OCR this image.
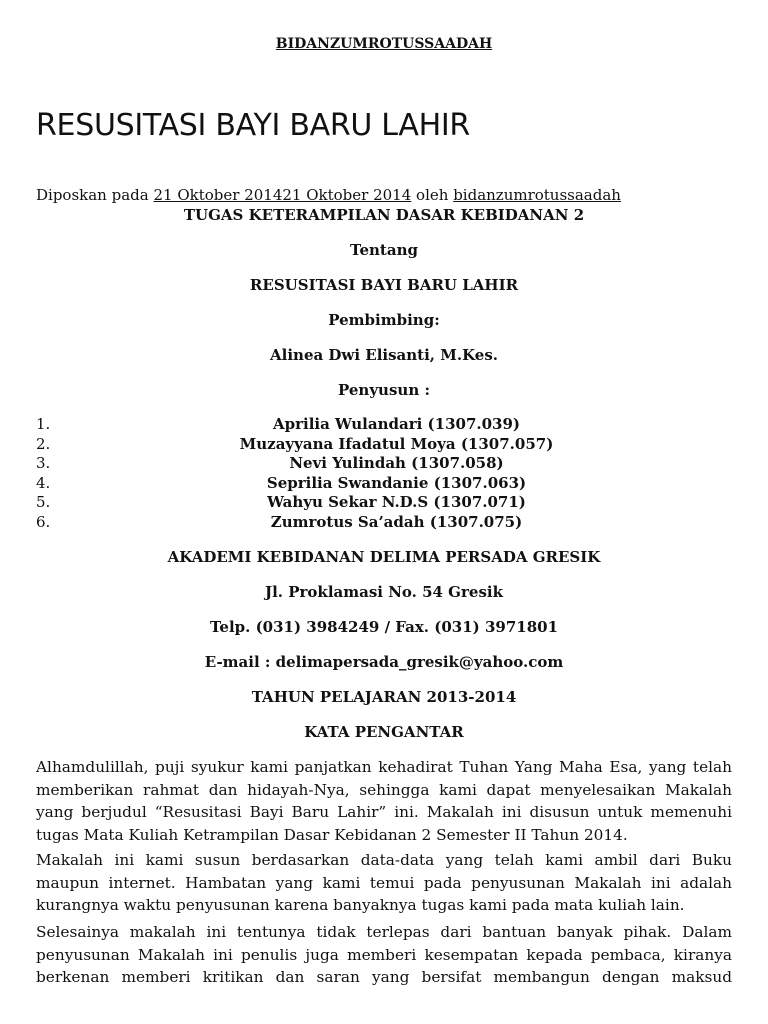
BIDANZUMROTUSSAADAH
RESUSITASI BAYI BARU LAHIR
Diposkan pada 21 Oktober 201421 Oktober 2014 oleh bidanzumrotussaadah
TUGAS KETERAMPILAN DASAR KEBIDANAN 2
Tentang
RESUSITASI BAYI BARU LAHIR
Pembimbing:
Alinea Dwi Elisanti, M.Kes.
Penyusun :
1.	Aprilia Wulandari (1307.039)
2.	Muzayyana Ifadatul Moya (1307.057)
3.	Nevi Yulindah (1307.058)
4.	Seprilia Swandanie (1307.063)
5.	Wahyu Sekar N.D.S (1307.071)
6.	Zumrotus Sa’adah (1307.075)
AKADEMI KEBIDANAN DELIMA PERSADA GRESIK
Jl. Proklamasi No. 54 Gresik
Telp. (031) 3984249 / Fax. (031) 3971801
E-mail : delimapersada_gresik@yahoo.com
TAHUN PELAJARAN 2013-2014
KATA PENGANTAR
Alhamdulillah, puji syukur kami panjatkan kehadirat Tuhan Yang Maha Esa, yang telah
memberikan rahmat dan hidayah-Nya, sehingga kami dapat menyelesaikan Makalah
yang berjudul “Resusitasi Bayi Baru Lahir” ini. Makalah ini disusun untuk memenuhi
tugas Mata Kuliah Ketrampilan Dasar Kebidanan 2 Semester II Tahun 2014.
Makalah ini kami susun berdasarkan data-data yang telah kami ambil dari Buku
maupun internet. Hambatan yang kami temui pada penyusunan Makalah ini adalah
kurangnya waktu penyusunan karena banyaknya tugas kami pada mata kuliah lain.
Selesainya makalah ini tentunya tidak terlepas dari bantuan banyak pihak. Dalam
penyusunan Makalah ini penulis juga memberi kesempatan kepada pembaca, kiranya
berkenan memberi kritikan dan saran yang bersifat membangun dengan maksud
